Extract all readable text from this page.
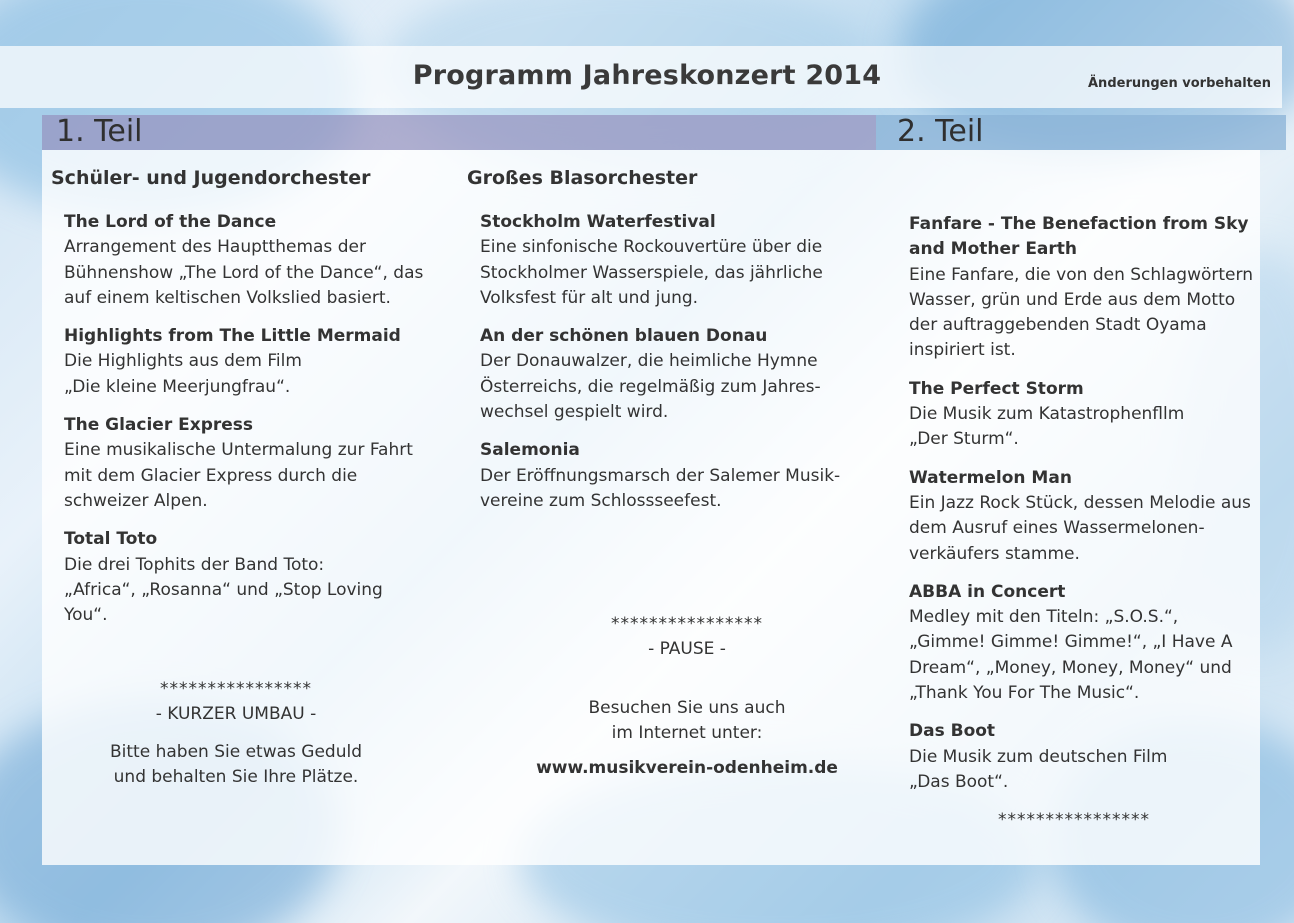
Programm Jahreskonzert 2014	Änderungen vorbehalten
1. Teil	2. Teil
Schüler- und Jugendorchester
The Lord of the Dance
Arrangement des Hauptthemas der Bühnenshow „The Lord of the Dance“, das auf einem keltischen Volkslied basiert.
Highlights from The Little Mermaid
Die Highlights aus dem Film „Die kleine Meerjungfrau“.
The Glacier Express
Eine musikalische Untermalung zur Fahrt mit dem Glacier Express durch die schweizer Alpen.
Total Toto
Die drei Tophits der Band Toto: „Africa“, „Rosanna“ und „Stop Loving You“.
****************
- KURZER UMBAU -
Bitte haben Sie etwas Geduld und behalten Sie Ihre Plätze.
Großes Blasorchester
Stockholm Waterfestival
Eine sinfonische Rockouvertüre über die Stockholmer Wasserspiele, das jährliche Volksfest für alt und jung.
An der schönen blauen Donau
Der Donauwalzer, die heimliche Hymne Österreichs, die regelmäßig zum Jahres-wechsel gespielt wird.
Salemonia
Der Eröffnungsmarsch der Salemer Musik-vereine zum Schlossseefest.
****************
- PAUSE -
Besuchen Sie uns auch im Internet unter:
www.musikverein-odenheim.de
Fanfare - The Benefaction from Sky and Mother Earth
Eine Fanfare, die von den Schlagwörtern Wasser, grün und Erde aus dem Motto der auftraggebenden Stadt Oyama inspiriert ist.
The Perfect Storm
Die Musik zum Katastrophenfllm „Der Sturm“.
Watermelon Man
Ein Jazz Rock Stück, dessen Melodie aus dem Ausruf eines Wassermelonen-verkäufers stamme.
ABBA in Concert
Medley mit den Titeln: „S.O.S.“, „Gimme! Gimme! Gimme!“, „I Have A Dream“, „Money, Money, Money“ und „Thank You For The Music“.
Das Boot
Die Musik zum deutschen Film „Das Boot“.
****************
